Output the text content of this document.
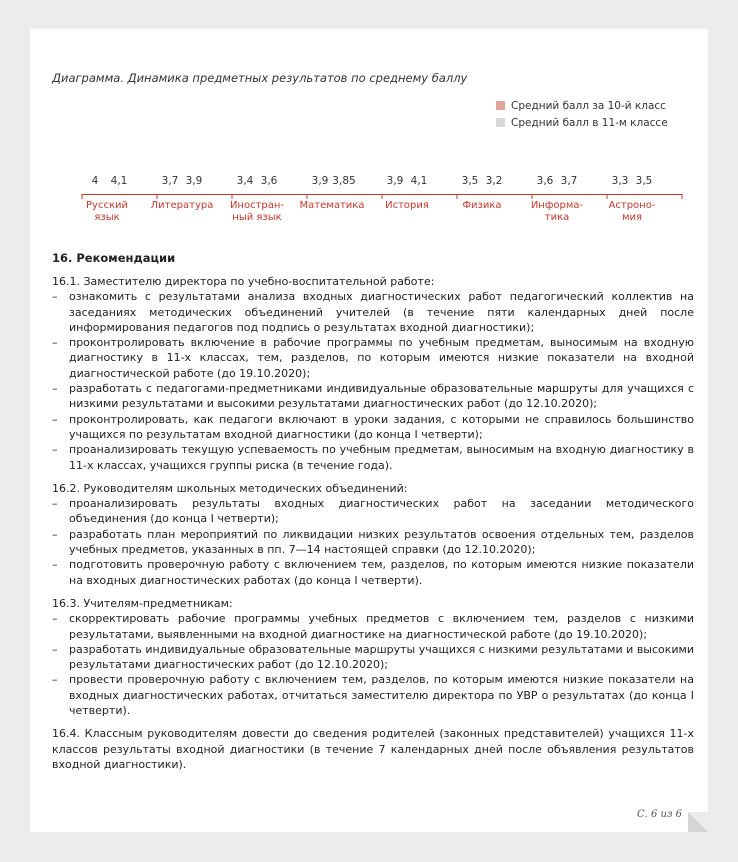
Диаграмма. Динамика предметных результатов по среднему баллу
4 4,1
Русский
язык
3,7 3,9
Литература
3,4 3,6
Иностран-
ный язык
3,9 3,85
Математика
3,9 4,1
История
3,5 3,2
Физика
3,6 3,7
Информа-
тика
3,3 3,5
Астроно-
мия
Средний балл за 10-й класс
Средний балл в 11-м классе
16. Рекомендации
16.1. Заместителю директора по учебно-воспитательной работе:
–	ознакомить с результатами анализа входных диагностических работ педагогический коллектив на заседаниях методических объединений учителей (в течение пяти календарных дней после информирования педагогов под подпись о результатах входной диагностики);
–	проконтролировать включение в рабочие программы по учебным предметам, выносимым на входную диагностику в 11-х классах, тем, разделов, по которым имеются низкие показатели на входной диагностической работе (до 19.10.2020);
–	разработать с педагогами-предметниками индивидуальные образовательные маршруты для учащихся с низкими результатами и высокими результатами диагностических работ (до 12.10.2020);
–	проконтролировать, как педагоги включают в уроки задания, с которыми не справилось большинство учащихся по результатам входной диагностики (до конца I четверти);
–	проанализировать текущую успеваемость по учебным предметам, выносимым на входную диагностику в 11-х классах, учащихся группы риска (в течение года).
16.2. Руководителям школьных методических объединений:
–	проанализировать результаты входных диагностических работ на заседании методического объединения (до конца I четверти);
–	разработать план мероприятий по ликвидации низких результатов освоения отдельных тем, разделов учебных предметов, указанных в пп. 7—14 настоящей справки (до 12.10.2020);
–	подготовить проверочную работу с включением тем, разделов, по которым имеются низкие показатели на входных диагностических работах (до конца I четверти).
16.3. Учителям-предметникам:
–	скорректировать рабочие программы учебных предметов с включением тем, разделов с низкими результатами, выявленными на входной диагностике на диагностической работе (до 19.10.2020);
–	разработать индивидуальные образовательные маршруты учащихся с низкими результатами и высокими результатами диагностических работ (до 12.10.2020);
–	провести проверочную работу с включением тем, разделов, по которым имеются низкие показатели на входных диагностических работах, отчитаться заместителю директора по УВР о результатах (до конца I четверти).
16.4. Классным руководителям довести до сведения родителей (законных представителей) учащихся 11-х классов результаты входной диагностики (в течение 7 календарных дней после объявления результатов входной диагностики).
С. 6 из 6
